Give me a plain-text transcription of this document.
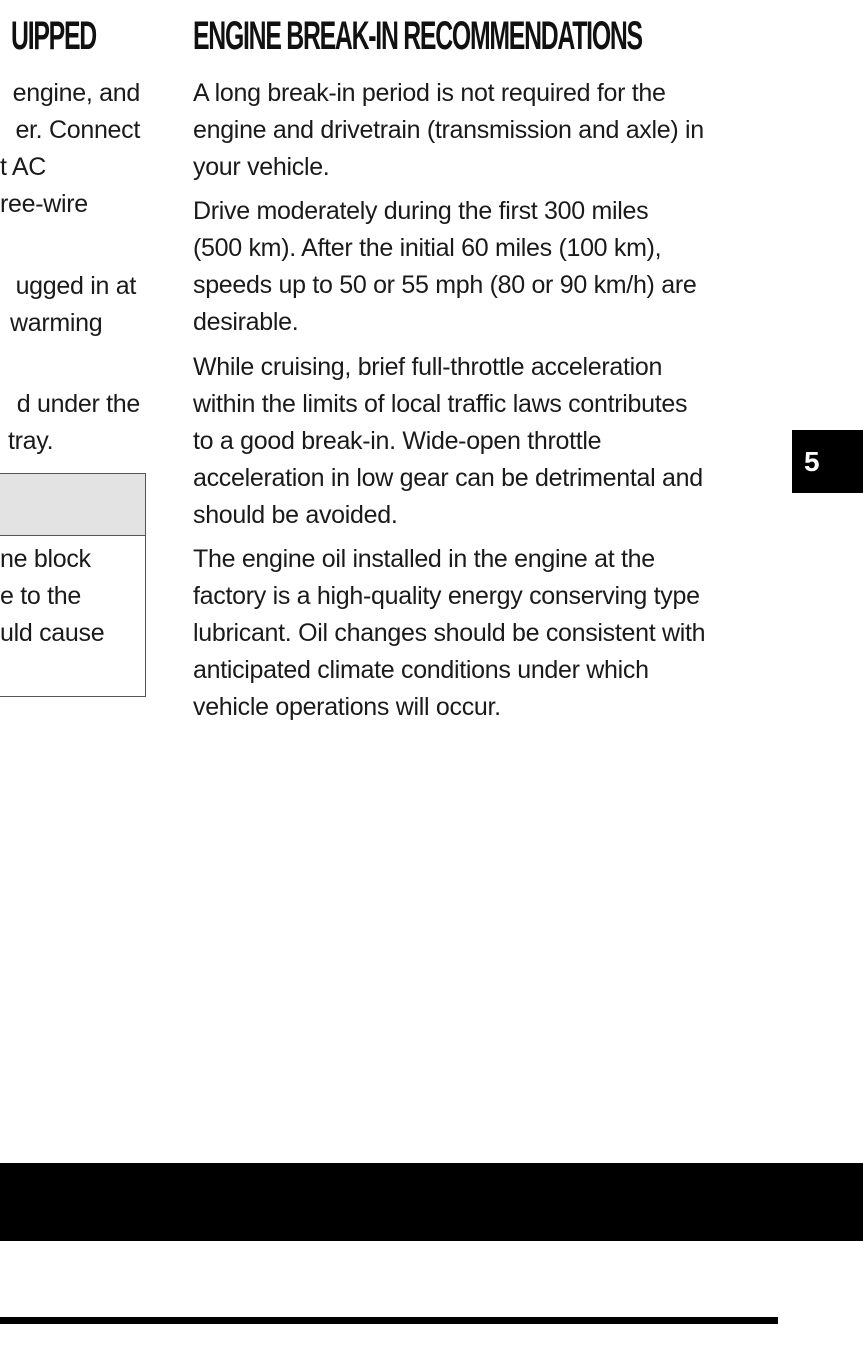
UIPPED
engine, and
er. Connect
t AC
ree-wire
ugged in at
warming
d under the
tray.
ne block
e to the
uld cause
ENGINE BREAK-IN RECOMMENDATIONS
A long break-in period is not required for the
engine and drivetrain (transmission and axle) in
your vehicle.
Drive moderately during the first 300 miles
(500 km). After the initial 60 miles (100 km),
speeds up to 50 or 55 mph (80 or 90 km/h) are
desirable.
While cruising, brief full-throttle acceleration
within the limits of local traffic laws contributes
to a good break-in. Wide-open throttle
acceleration in low gear can be detrimental and
should be avoided.
The engine oil installed in the engine at the
factory is a high-quality energy conserving type
lubricant. Oil changes should be consistent with
anticipated climate conditions under which
vehicle operations will occur.
5
